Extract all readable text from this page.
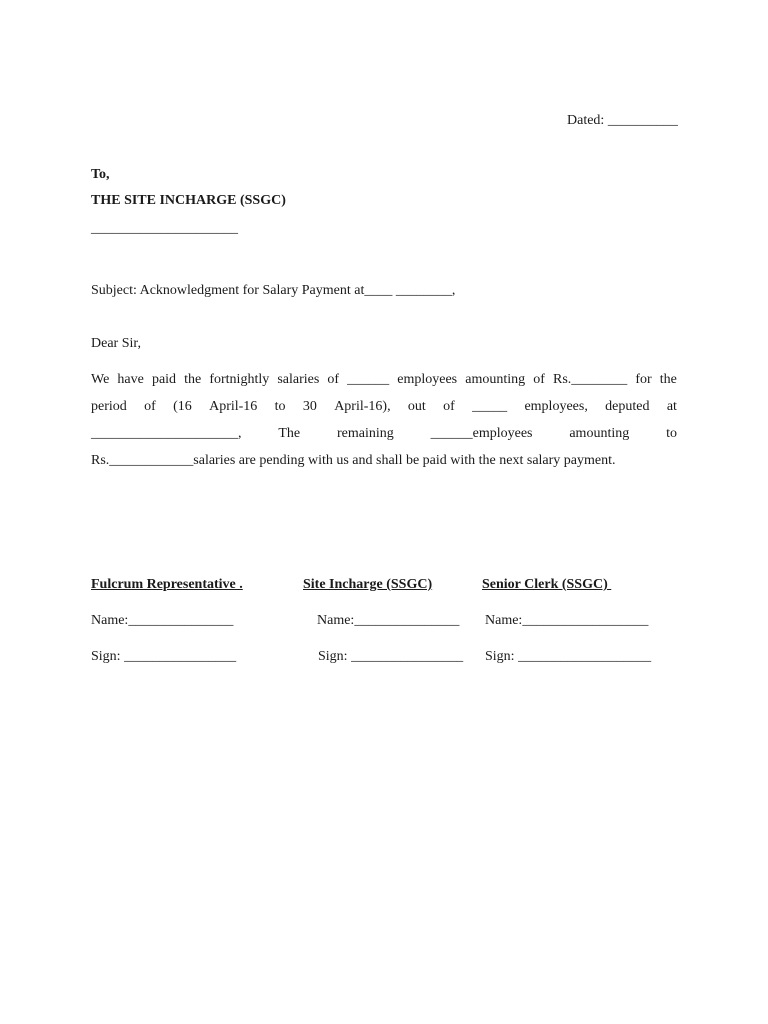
Dated: __________
To,
THE SITE INCHARGE (SSGC)
_____________________
Subject: Acknowledgment for Salary Payment at____ ________,
Dear Sir,
We have paid the fortnightly salaries of ______ employees amounting of Rs.________ for the
period of (16 April-16 to 30 April-16), out of _____ employees, deputed at
_____________________,	The	remaining	______employees	amounting	to
Rs.____________salaries are pending with us and shall be paid with the next salary payment.
Fulcrum Representative .
Name:_______________
Sign: ________________
Site Incharge (SSGC)
Name:_______________
Sign: ________________
Senior Clerk (SSGC)
Name:__________________
Sign: ___________________
